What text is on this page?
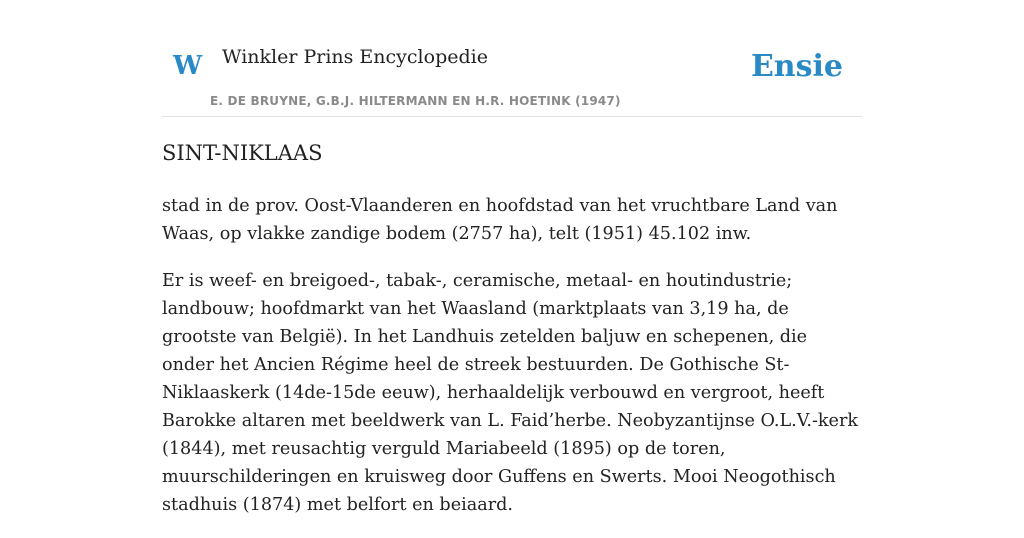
W Winkler Prins Encyclopedie
E. DE BRUYNE, G.B.J. HILTERMANN EN H.R. HOETINK (1947)
Ensie
SINT-NIKLAAS

stad in de prov. Oost-Vlaanderen en hoofdstad van het vruchtbare Land van Waas, op vlakke zandige bodem (2757 ha), telt (1951) 45.102 inw.

Er is weef- en breigoed-, tabak-, ceramische, metaal- en houtindustrie; landbouw; hoofdmarkt van het Waasland (marktplaats van 3,19 ha, de grootste van België). In het Landhuis zetelden baljuw en schepenen, die onder het Ancien Régime heel de streek bestuurden. De Gothische St-Niklaaskerk (14de-15de eeuw), herhaaldelijk verbouwd en vergroot, heeft Barokke altaren met beeldwerk van L. Faid’herbe. Neobyzantijnse O.L.V.-kerk (1844), met reusachtig verguld Mariabeeld (1895) op de toren, muurschilderingen en kruisweg door Guffens en Swerts. Mooi Neogothisch stadhuis (1874) met belfort en beiaard.
